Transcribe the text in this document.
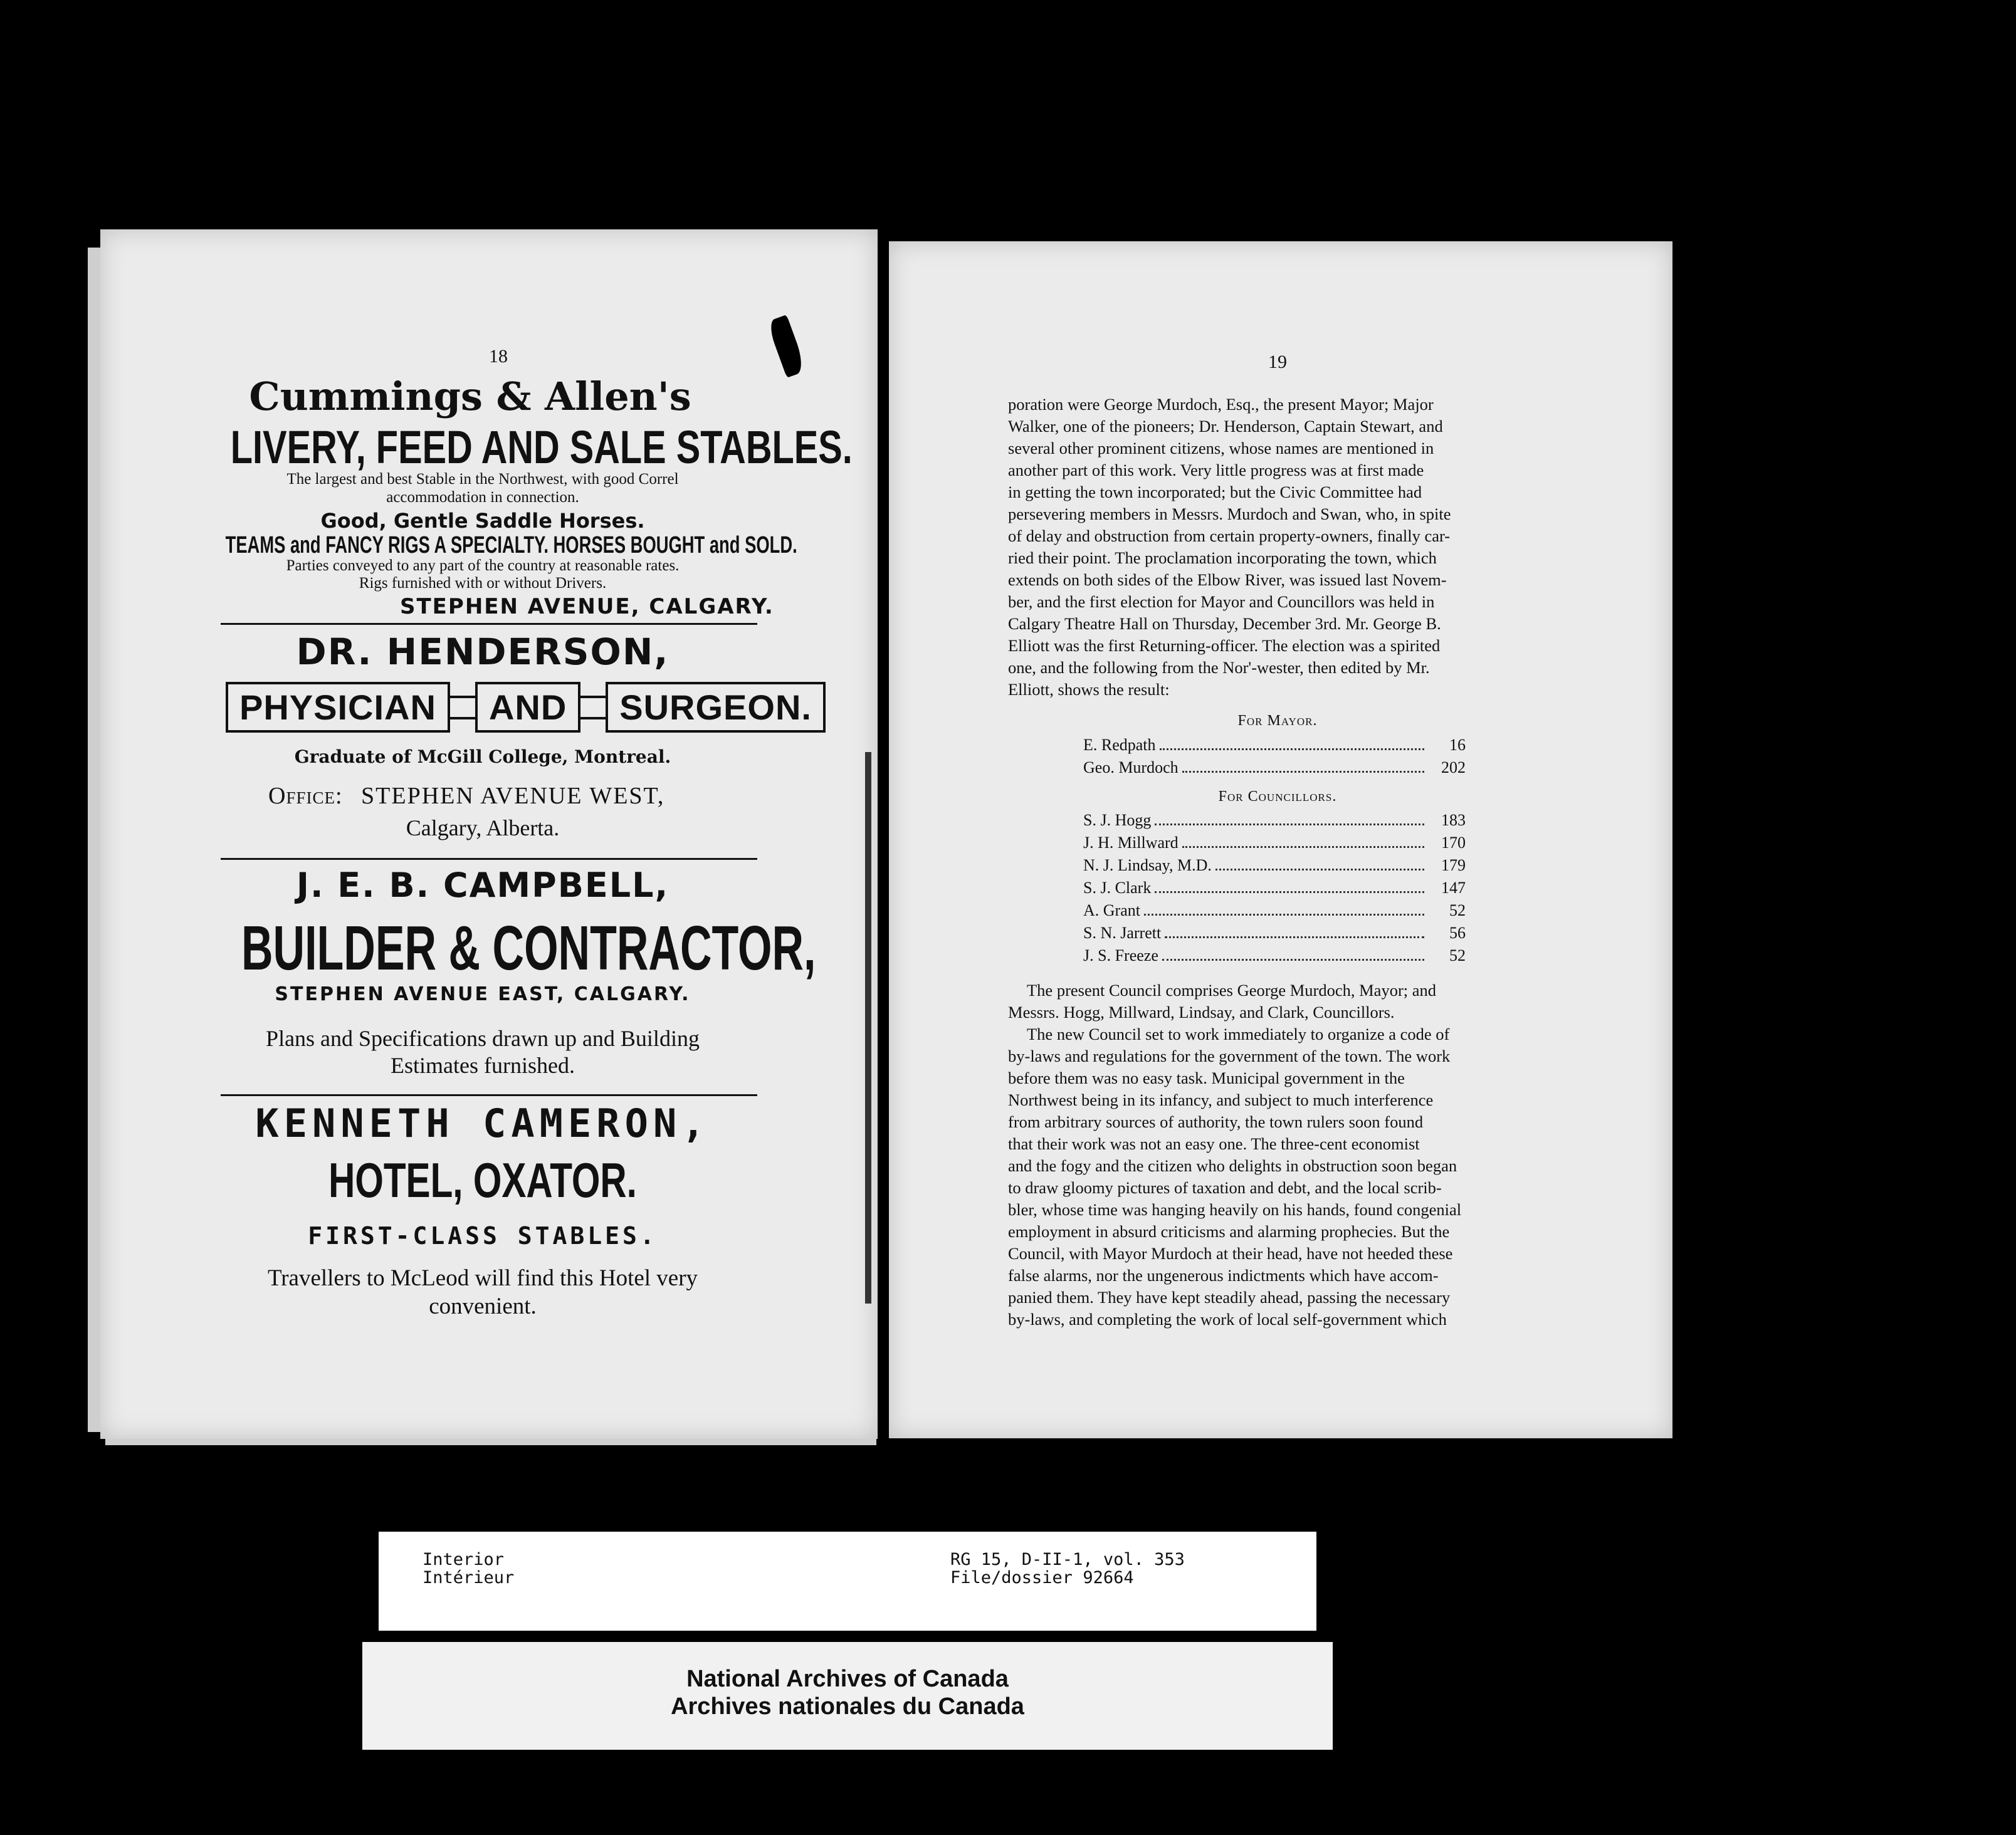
18
Cummings & Allen's
LIVERY, FEED AND SALE STABLES.
The largest and best Stable in the Northwest, with good Correl
accommodation in connection.
Good, Gentle Saddle Horses.
TEAMS and FANCY RIGS A SPECIALTY. HORSES BOUGHT and SOLD.
Parties conveyed to any part of the country at reasonable rates.
Rigs furnished with or without Drivers.
STEPHEN AVENUE, CALGARY.
DR. HENDERSON,
PHYSICIAN	AND	SURGEON.
Graduate of McGill College, Montreal.
Office: STEPHEN AVENUE WEST,
Calgary, Alberta.
J. E. B. CAMPBELL,
BUILDER & CONTRACTOR,
STEPHEN AVENUE EAST, CALGARY.
Plans and Specifications drawn up and Building
Estimates furnished.
KENNETH CAMERON,
HOTEL, OXATOR.
FIRST-CLASS STABLES.
Travellers to McLeod will find this Hotel very
convenient.
19
poration were George Murdoch, Esq., the present Mayor; Major
Walker, one of the pioneers; Dr. Henderson, Captain Stewart, and
several other prominent citizens, whose names are mentioned in
another part of this work. Very little progress was at first made
in getting the town incorporated; but the Civic Committee had
persevering members in Messrs. Murdoch and Swan, who, in spite
of delay and obstruction from certain property-owners, finally car-
ried their point. The proclamation incorporating the town, which
extends on both sides of the Elbow River, was issued last Novem-
ber, and the first election for Mayor and Councillors was held in
Calgary Theatre Hall on Thursday, December 3rd. Mr. George B.
Elliott was the first Returning-officer. The election was a spirited
one, and the following from the Nor'-wester, then edited by Mr.
Elliott, shows the result:
For Mayor.
E. Redpath	16
Geo. Murdoch	202
For Councillors.
S. J. Hogg	183
J. H. Millward	170
N. J. Lindsay, M.D.	179
S. J. Clark	147
A. Grant	52
S. N. Jarrett	56
J. S. Freeze	52
The present Council comprises George Murdoch, Mayor; and
Messrs. Hogg, Millward, Lindsay, and Clark, Councillors.
The new Council set to work immediately to organize a code of
by-laws and regulations for the government of the town. The work
before them was no easy task. Municipal government in the
Northwest being in its infancy, and subject to much interference
from arbitrary sources of authority, the town rulers soon found
that their work was not an easy one. The three-cent economist
and the fogy and the citizen who delights in obstruction soon began
to draw gloomy pictures of taxation and debt, and the local scrib-
bler, whose time was hanging heavily on his hands, found congenial
employment in absurd criticisms and alarming prophecies. But the
Council, with Mayor Murdoch at their head, have not heeded these
false alarms, nor the ungenerous indictments which have accom-
panied them. They have kept steadily ahead, passing the necessary
by-laws, and completing the work of local self-government which
Interior
Intérieur
RG 15, D-II-1, vol. 353
File/dossier 92664
National Archives of Canada
Archives nationales du Canada
